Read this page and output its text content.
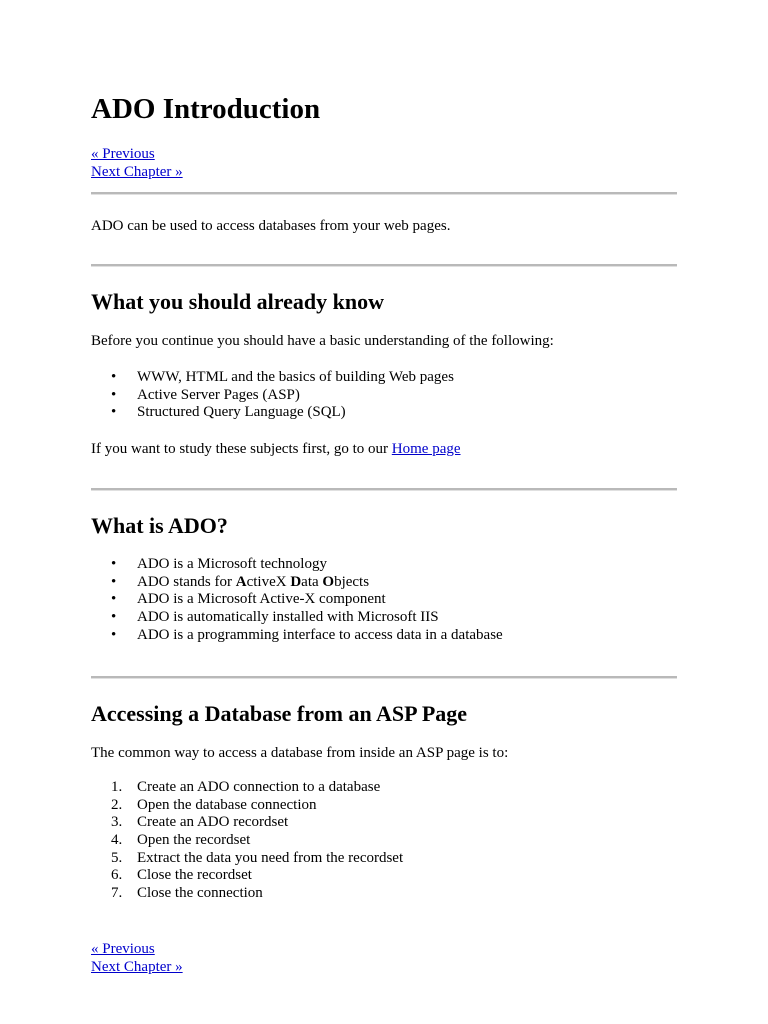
ADO Introduction
« Previous
Next Chapter »

ADO can be used to access databases from your web pages.

What you should already know

Before you continue you should have a basic understanding of the following:

• WWW, HTML and the basics of building Web pages
• Active Server Pages (ASP)
• Structured Query Language (SQL)

If you want to study these subjects first, go to our Home page

What is ADO?
• ADO is a Microsoft technology
• ADO stands for ActiveX Data Objects
• ADO is a Microsoft Active-X component
• ADO is automatically installed with Microsoft IIS
• ADO is a programming interface to access data in a database
Accessing a Database from an ASP Page

The common way to access a database from inside an ASP page is to:

1. Create an ADO connection to a database
2. Open the database connection
3. Create an ADO recordset
4. Open the recordset
5. Extract the data you need from the recordset
6. Close the recordset
7. Close the connection
« Previous
Next Chapter »
